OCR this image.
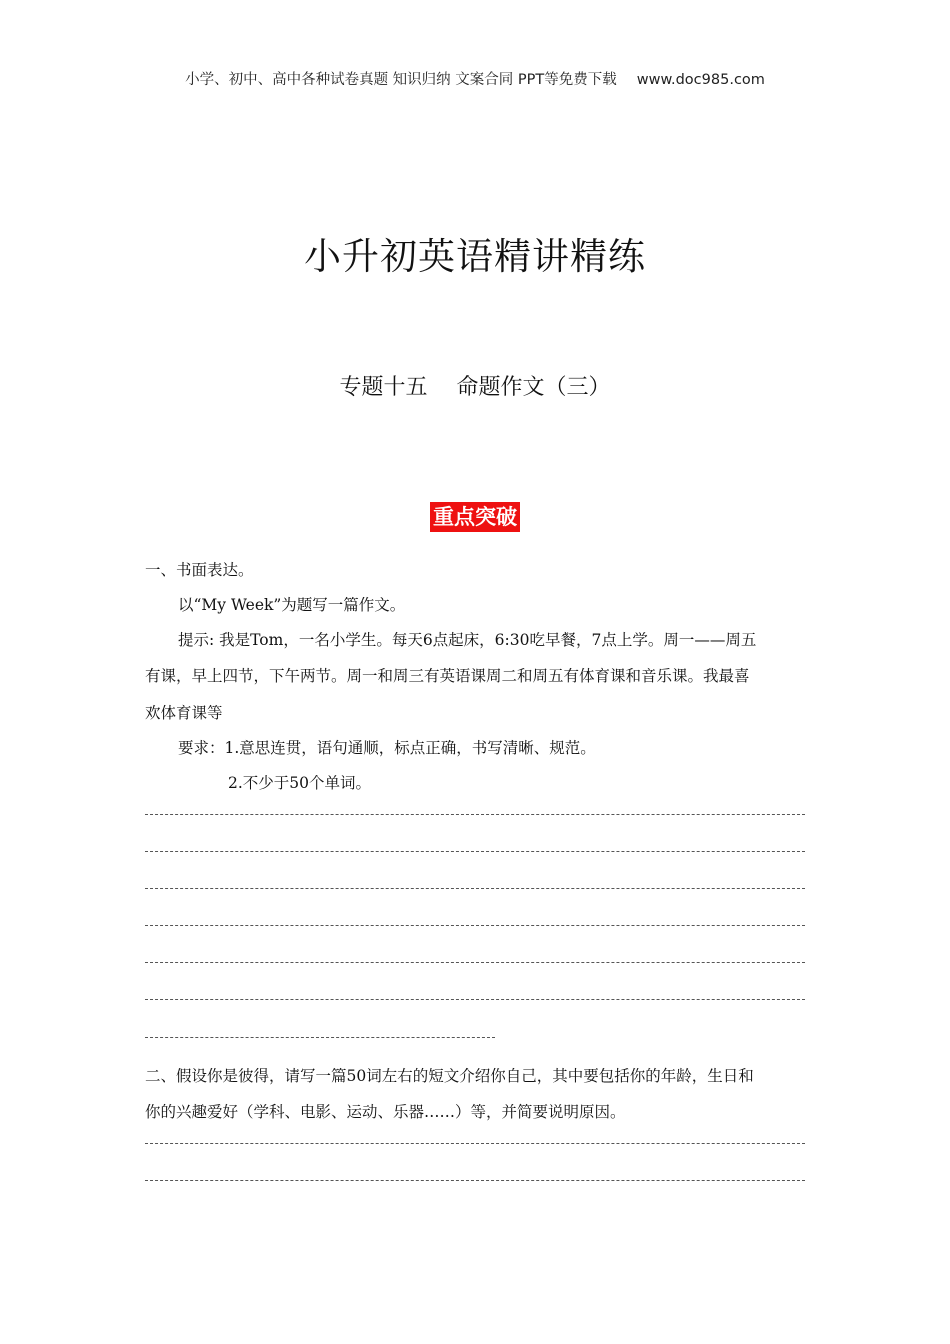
小学、初中、高中各种试卷真题 知识归纳 文案合同 PPT等免费下载 www.doc985.com
小升初英语精讲精练
专题十五　 命题作文（三）
重点突破
一、书面表达。
以“My Week”为题写一篇作文。
提示: 我是Tom，一名小学生。每天6点起床，6:30吃早餐，7点上学。周一——周五
有课，早上四节，下午两节。周一和周三有英语课周二和周五有体育课和音乐课。我最喜
欢体育课等
要求：1.意思连贯，语句通顺，标点正确，书写清晰、规范。
2.不少于50个单词。
二、假设你是彼得，请写一篇50词左右的短文介绍你自己，其中要包括你的年龄，生日和
你的兴趣爱好（学科、电影、运动、乐器……）等，并简要说明原因。
